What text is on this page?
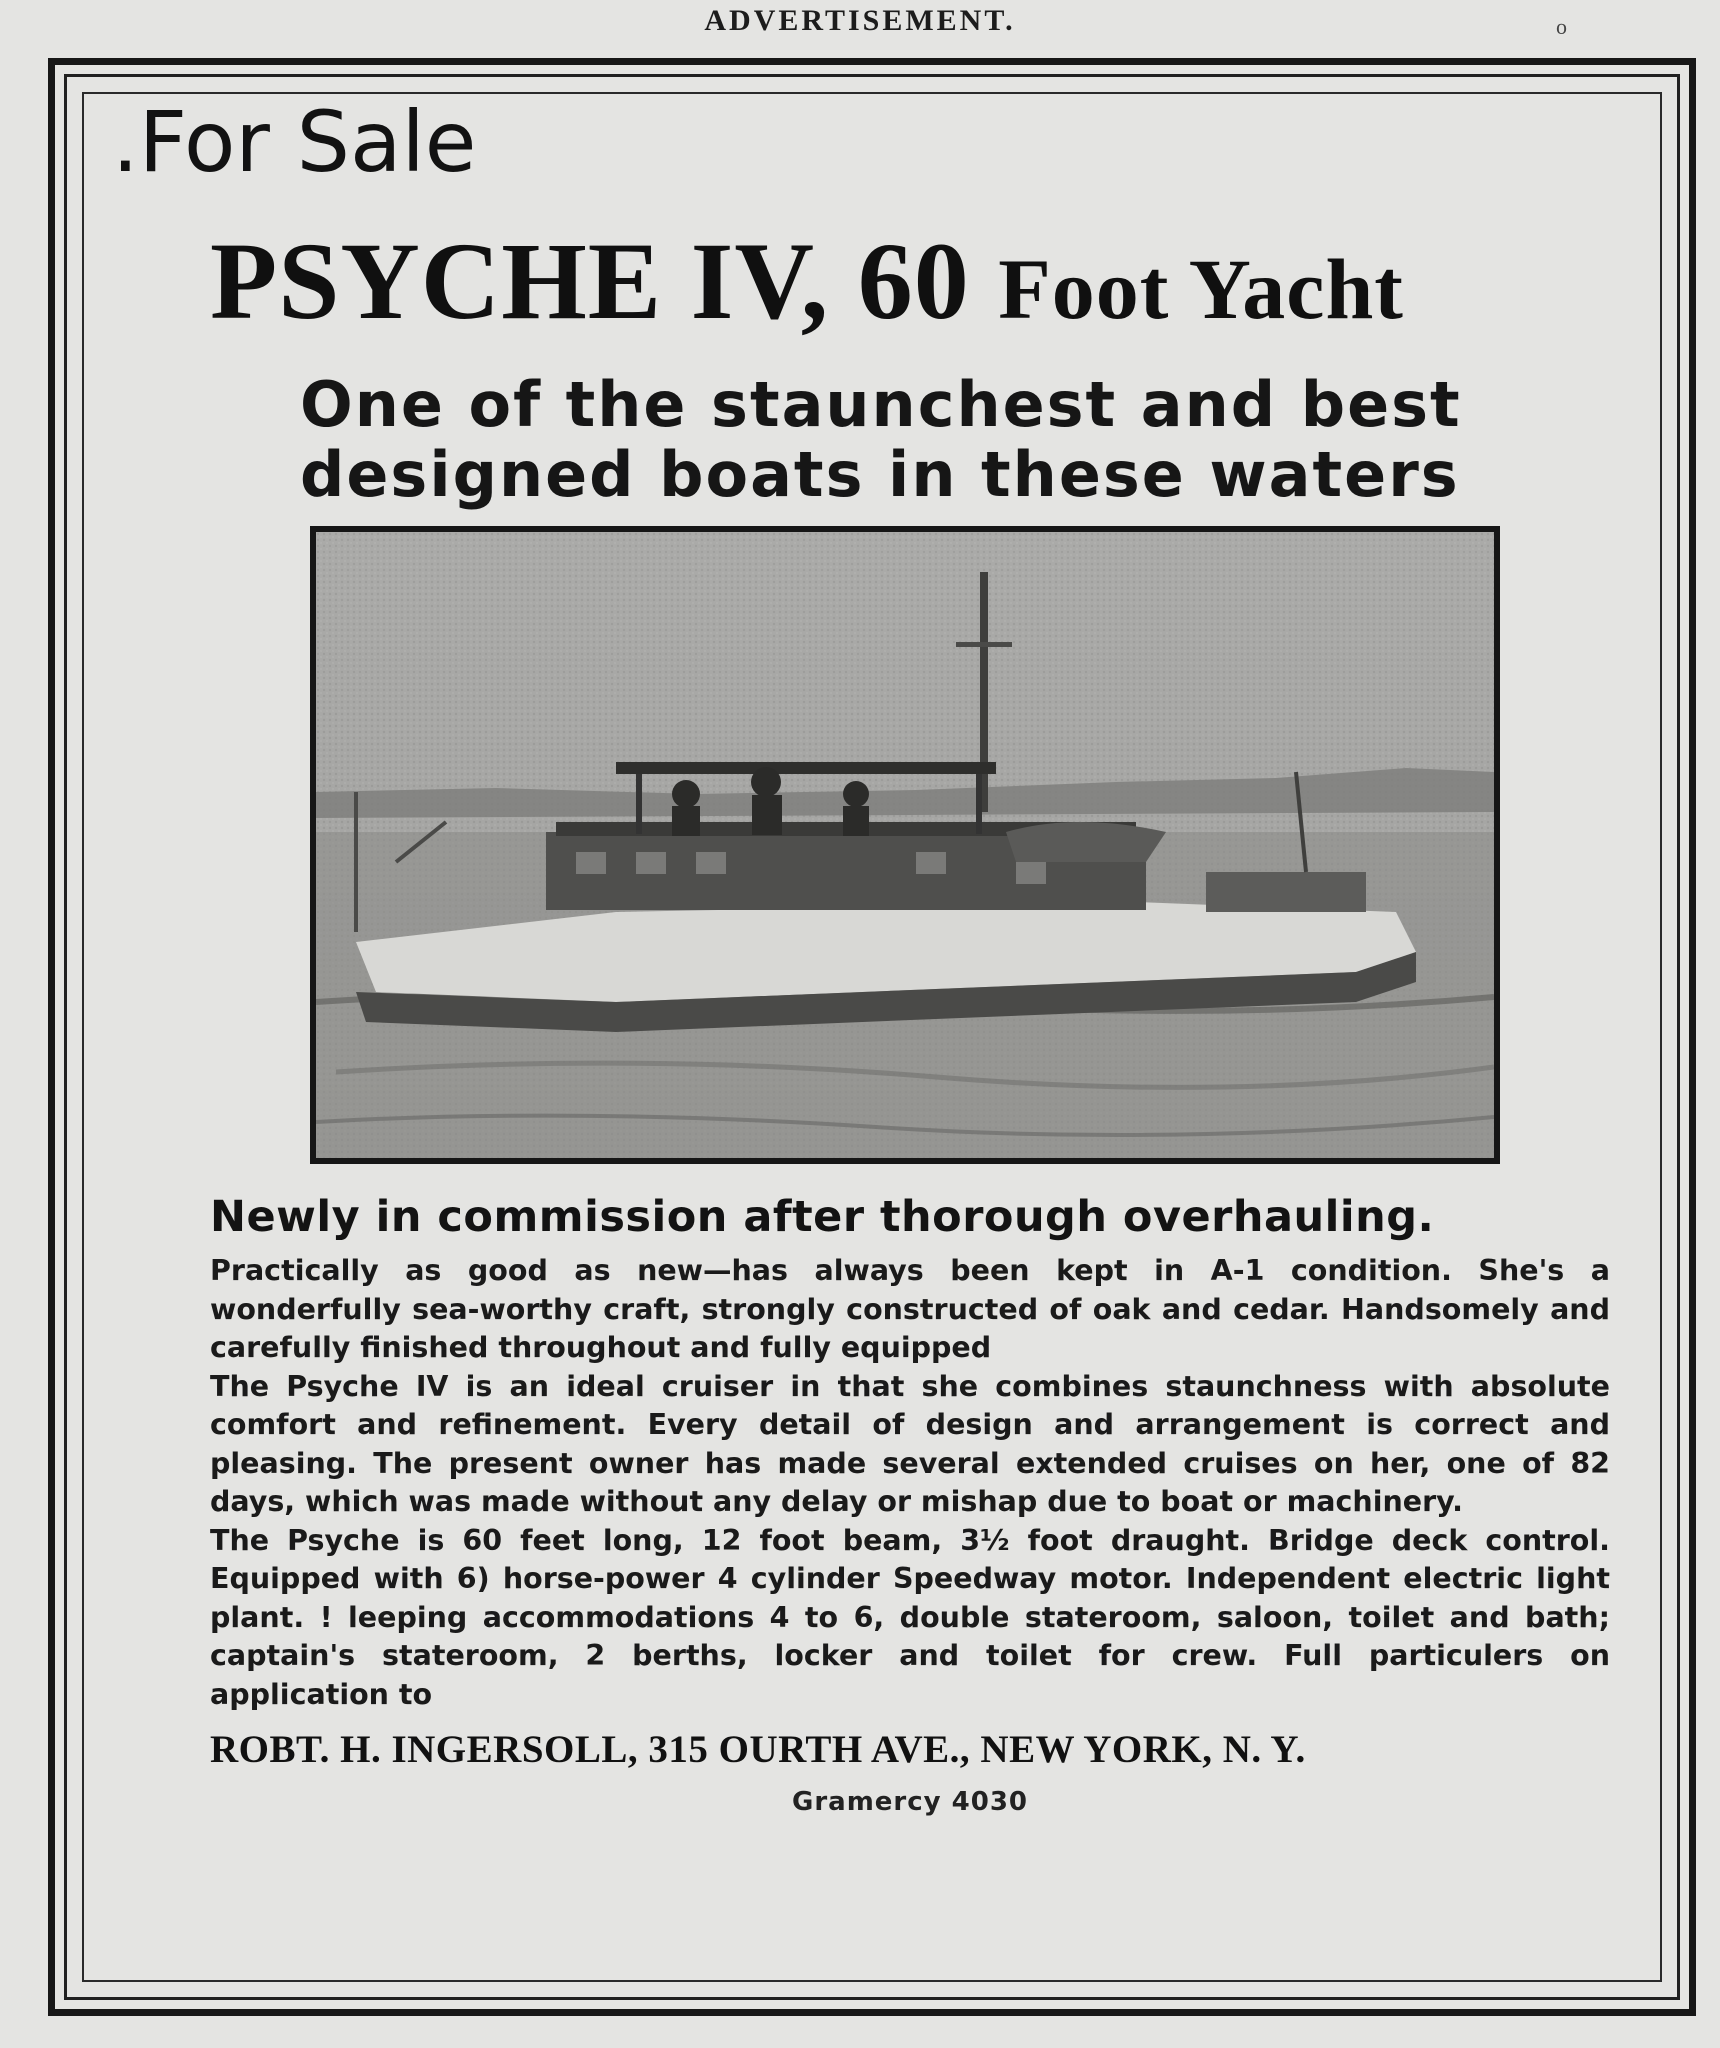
ADVERTISEMENT.	o
.For Sale
PSYCHE IV, 60 Foot Yacht
One of the staunchest and best
designed boats in these waters
Newly in commission after thorough overhauling.

Practically as good as new—has always been kept in A-1 condition. She's a wonderfully sea-worthy craft, strongly constructed of oak and cedar. Handsomely and carefully finished throughout and fully equipped

The Psyche IV is an ideal cruiser in that she combines staunchness with absolute comfort and refinement. Every detail of design and arrangement is correct and pleasing. The present owner has made several extended cruises on her, one of 82 days, which was made without any delay or mishap due to boat or machinery.

The Psyche is 60 feet long, 12 foot beam, 3½ foot draught. Bridge deck control. Equipped with 6) horse-power 4 cylinder Speedway motor. Independent electric light plant. ! leeping accommodations 4 to 6, double stateroom, saloon, toilet and bath; captain's stateroom, 2 berths, locker and toilet for crew. Full particulers on application to

ROBT. H. INGERSOLL, 315 OURTH AVE., NEW YORK, N. Y.
Gramercy 4030
